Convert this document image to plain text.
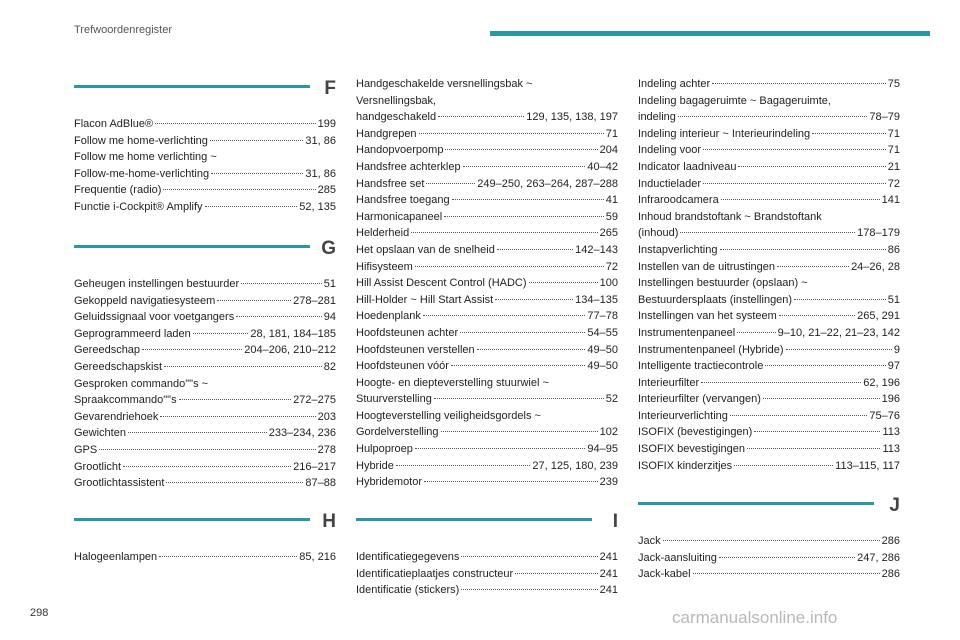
Trefwoordenregister
F
Flacon AdBlue®	199
Follow me home-verlichting	31, 86
Follow me home verlichting ~
Follow-me-home-verlichting	31, 86
Frequentie (radio)	285
Functie i-Cockpit® Amplify	52, 135
G
Geheugen instellingen bestuurder	51
Gekoppeld navigatiesysteem	278–281
Geluidssignaal voor voetgangers	94
Geprogrammeerd laden	28, 181, 184–185
Gereedschap	204–206, 210–212
Gereedschapskist	82
Gesproken commando""s ~
Spraakcommando""s	272–275
Gevarendriehoek	203
Gewichten	233–234, 236
GPS	278
Grootlicht	216–217
Grootlichtassistent	87–88
H
Halogeenlampen	85, 216
Handgeschakelde versnellingsbak ~
Versnellingsbak,
handgeschakeld	129, 135, 138, 197
Handgrepen	71
Handopvoerpomp	204
Handsfree achterklep	40–42
Handsfree set	249–250, 263–264, 287–288
Handsfree toegang	41
Harmonicapaneel	59
Helderheid	265
Het opslaan van de snelheid	142–143
Hifisysteem	72
Hill Assist Descent Control (HADC)	100
Hill-Holder ~ Hill Start Assist	134–135
Hoedenplank	77–78
Hoofdsteunen achter	54–55
Hoofdsteunen verstellen	49–50
Hoofdsteunen vóór	49–50
Hoogte- en diepteverstelling stuurwiel ~
Stuurverstelling	52
Hoogteverstelling veiligheidsgordels ~
Gordelverstelling	102
Hulpoproep	94–95
Hybride	27, 125, 180, 239
Hybridemotor	239
I
Identificatiegegevens	241
Identificatieplaatjes constructeur	241
Identificatie (stickers)	241
Indeling achter	75
Indeling bagageruimte ~ Bagageruimte,
indeling	78–79
Indeling interieur ~ Interieurindeling	71
Indeling voor	71
Indicator laadniveau	21
Inductielader	72
Infraroodcamera	141
Inhoud brandstoftank ~ Brandstoftank
(inhoud)	178–179
Instapverlichting	86
Instellen van de uitrustingen	24–26, 28
Instellingen bestuurder (opslaan) ~
Bestuurdersplaats (instellingen)	51
Instellingen van het systeem	265, 291
Instrumentenpaneel	9–10, 21–22, 21–23, 142
Instrumentenpaneel (Hybride)	9
Intelligente tractiecontrole	97
Interieurfilter	62, 196
Interieurfilter (vervangen)	196
Interieurverlichting	75–76
ISOFIX (bevestigingen)	113
ISOFIX bevestigingen	113
ISOFIX kinderzitjes	113–115, 117
J
Jack	286
Jack-aansluiting	247, 286
Jack-kabel	286
298	carmanualsonline.info
